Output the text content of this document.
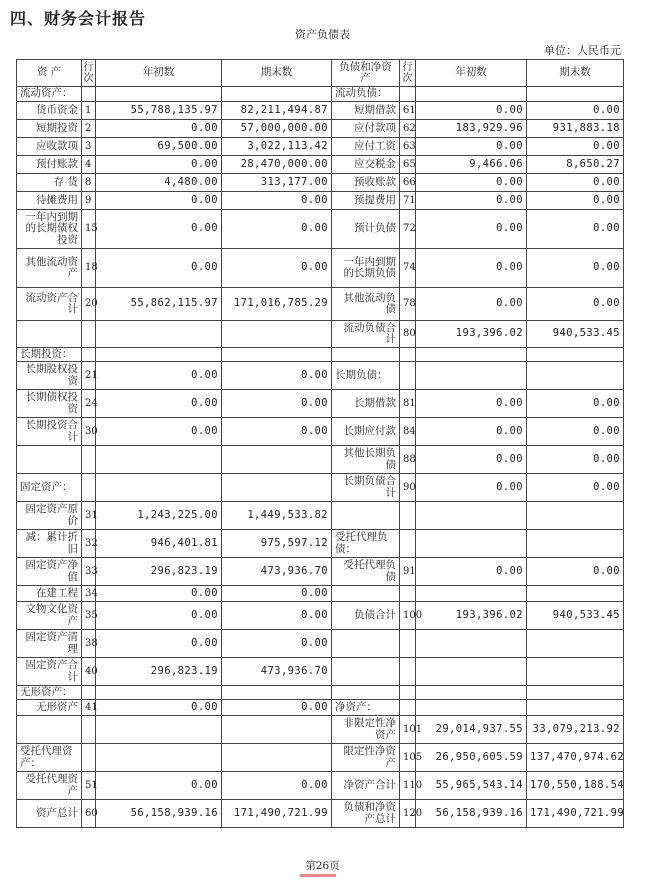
四、财务会计报告
资产负债表
单位：人民币元
资 产	行次	年初数	期末数	负债和净资产	行次	年初数	期末数
流动资产：				流动负债：			
货币资金	1	55,788,135.97	82,211,494.87	短期借款	61	0.00	0.00
短期投资	2	0.00	57,000,000.00	应付款项	62	183,929.96	931,883.18
应收款项	3	69,500.00	3,022,113.42	应付工资	63	0.00	0.00
预付账款	4	0.00	28,470,000.00	应交税金	65	9,466.06	8,650.27
存 货	8	4,480.00	313,177.00	预收账款	66	0.00	0.00
待摊费用	9	0.00	0.00	预提费用	71	0.00	0.00
一年内到期的长期债权投资	15	0.00	0.00	预计负债	72	0.00	0.00
其他流动资产	18	0.00	0.00	一年内到期的长期负债	74	0.00	0.00
流动资产合计	20	55,862,115.97	171,016,785.29	其他流动负债	78	0.00	0.00
				流动负债合计	80	193,396.02	940,533.45
长期投资：							
长期股权投资	21	0.00	0.00	长期负债：			
长期债权投资	24	0.00	0.00	长期借款	81	0.00	0.00
长期投资合计	30	0.00	0.00	长期应付款	84	0.00	0.00
				其他长期负债	88	0.00	0.00
固定资产：				长期负债合计	90	0.00	0.00
固定资产原价	31	1,243,225.00	1,449,533.82				
减：累计折旧	32	946,401.81	975,597.12	受托代理负债：			
固定资产净值	33	296,823.19	473,936.70	受托代理负债	91	0.00	0.00
在建工程	34	0.00	0.00				
文物文化资产	35	0.00	0.00	负债合计	100	193,396.02	940,533.45
固定资产清理	38	0.00	0.00				
固定资产合计	40	296,823.19	473,936.70				
无形资产：							
无形资产	41	0.00	0.00	净资产：			
				非限定性净资产	101	29,014,937.55	33,079,213.92
受托代理资产：				限定性净资产	105	26,950,605.59	137,470,974.62
受托代理资产	51	0.00	0.00	净资产合计	110	55,965,543.14	170,550,188.54
资产总计	60	56,158,939.16	171,490,721.99	负债和净资产总计	120	56,158,939.16	171,490,721.99
第26页
